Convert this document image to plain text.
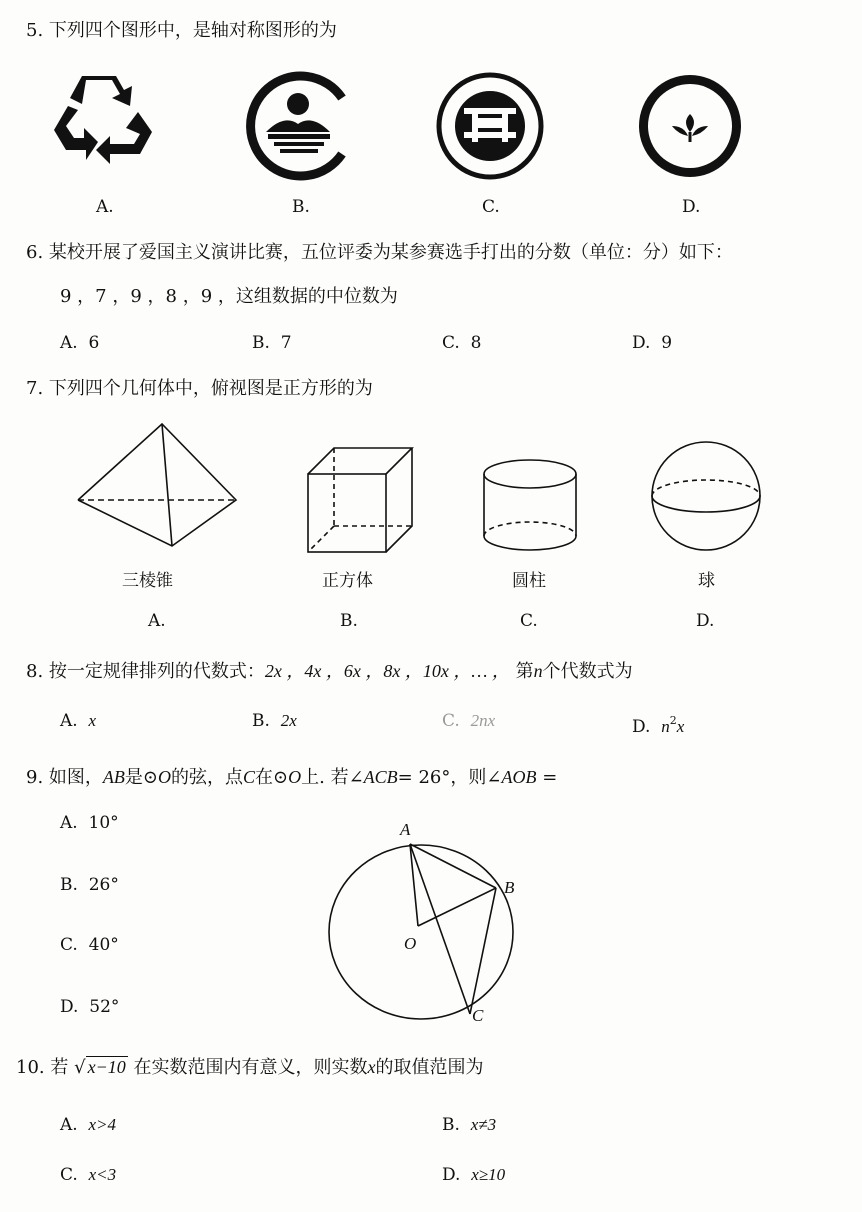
5. 下列四个图形中，是轴对称图形的为
A.	B.	C.	D.
6. 某校开展了爱国主义演讲比赛，五位评委为某参赛选手打出的分数（单位：分）如下：
9 ，7 ，9 ，8 ，9 ，这组数据的中位数为
A. 6	B. 7	C. 8	D. 9
7. 下列四个几何体中，俯视图是正方形的为
三棱锥
A.
正方体
B.
圆柱
C.
球
D.
8. 按一定规律排列的代数式：2x ，4x ，6x ，8x ，10x ，… ， 第n个代数式为
A. x	B. 2x	C. 2nx	D. $n^2x$
9. 如图，AB是⊙O的弦，点C在⊙O上. 若∠ACB= 26°，则∠AOB =
A. 10°
B. 26°
C. 40°
D. 52°
A
B
O
C
10. 若 √ x−10 在实数范围内有意义，则实数x的取值范围为
A. x>4	B. x≠3
C. x<3	D. x≥10
